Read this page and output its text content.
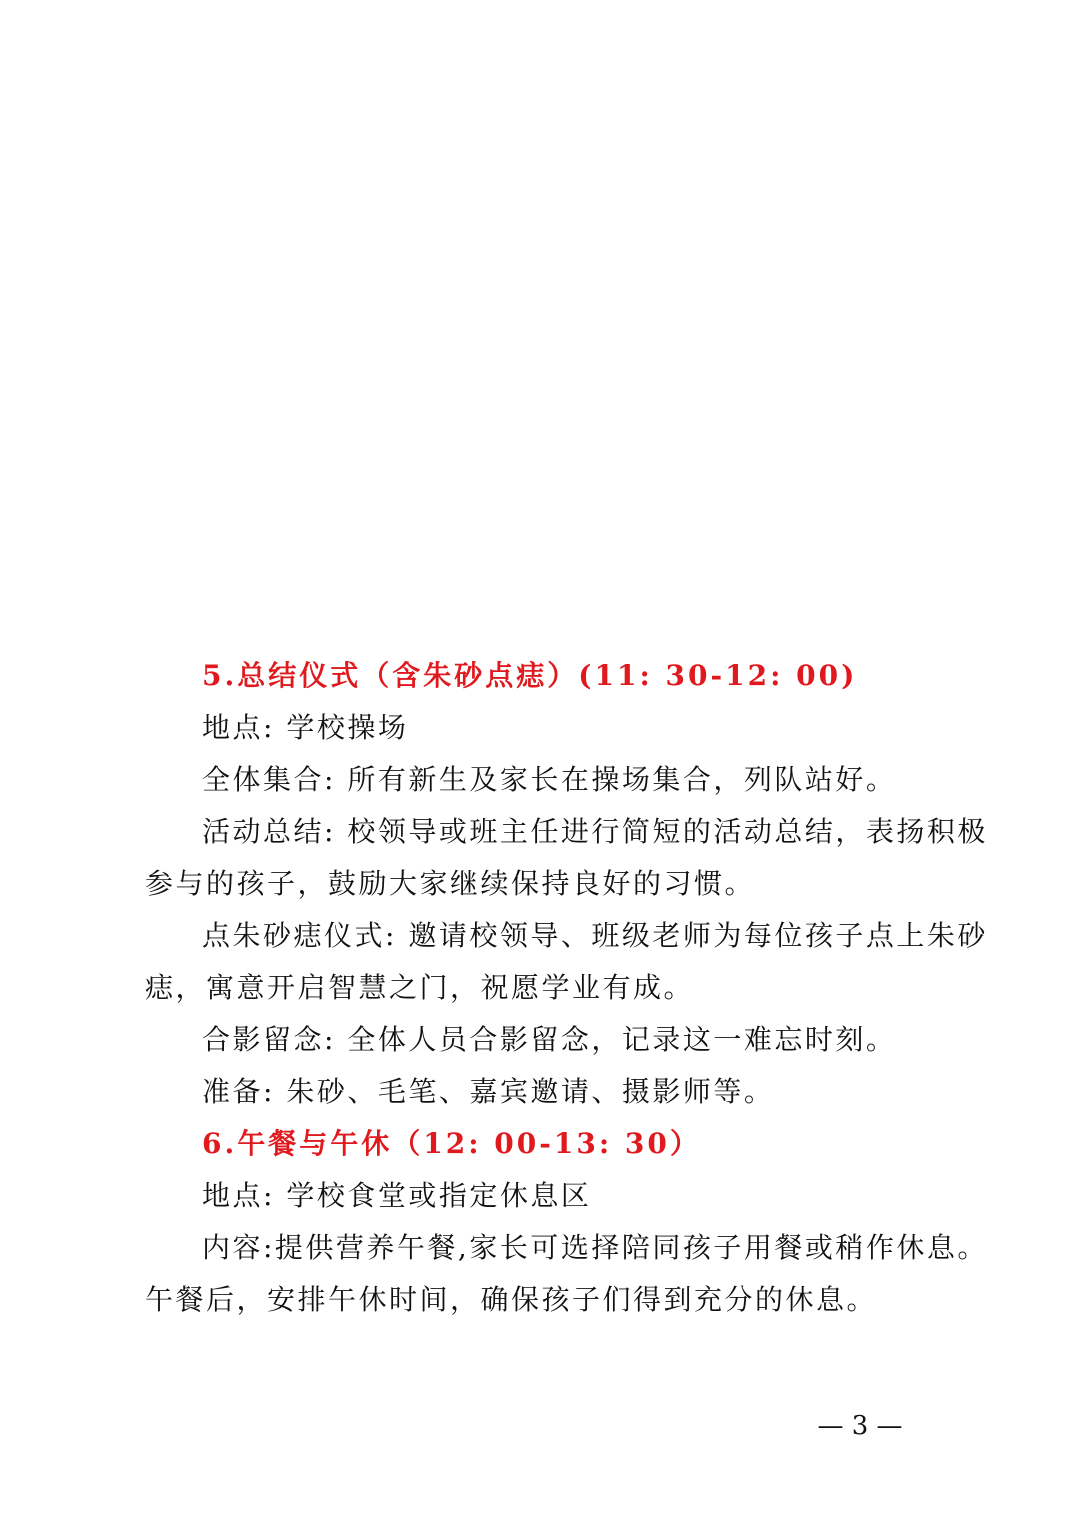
5.总结仪式（含朱砂点痣）(11: 30-12: 00)
地点: 学校操场
全体集合: 所有新生及家长在操场集合，列队站好。
活动总结: 校领导或班主任进行简短的活动总结，表扬积极
参与的孩子，鼓励大家继续保持良好的习惯。
点朱砂痣仪式: 邀请校领导、班级老师为每位孩子点上朱砂
痣，寓意开启智慧之门，祝愿学业有成。
合影留念: 全体人员合影留念，记录这一难忘时刻。
准备: 朱砂、毛笔、嘉宾邀请、摄影师等。
6.午餐与午休（12: 00-13: 30）
地点: 学校食堂或指定休息区
内容:提供营养午餐,家长可选择陪同孩子用餐或稍作休息。
午餐后，安排午休时间，确保孩子们得到充分的休息。
— 3 —
